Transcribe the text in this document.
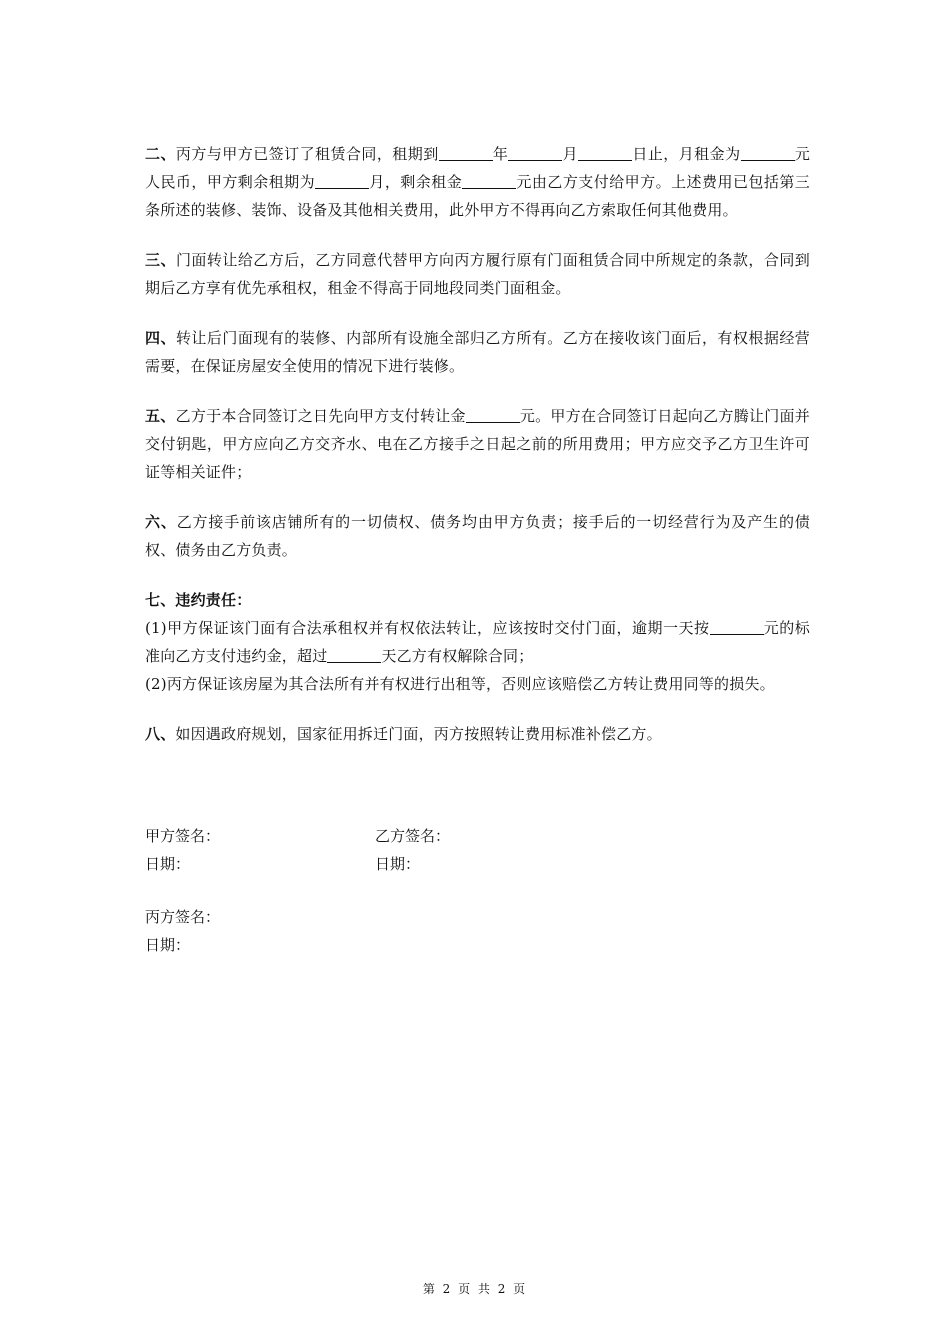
二、丙方与甲方已签订了租赁合同，租期到	年	月	日止，月租金为	元人民币，甲方剩余租期为	月，剩余租金	元由乙方支付给甲方。上述费用已包括第三条所述的装修、装饰、设备及其他相关费用，此外甲方不得再向乙方索取任何其他费用。

三、门面转让给乙方后，乙方同意代替甲方向丙方履行原有门面租赁合同中所规定的条款，合同到期后乙方享有优先承租权，租金不得高于同地段同类门面租金。

四、转让后门面现有的装修、内部所有设施全部归乙方所有。乙方在接收该门面后，有权根据经营需要，在保证房屋安全使用的情况下进行装修。

五、乙方于本合同签订之日先向甲方支付转让金	元。甲方在合同签订日起向乙方腾让门面并交付钥匙，甲方应向乙方交齐水、电在乙方接手之日起之前的所用费用；甲方应交予乙方卫生许可证等相关证件；

六、乙方接手前该店铺所有的一切债权、债务均由甲方负责；接手后的一切经营行为及产生的债权、债务由乙方负责。

七、违约责任：
(1)甲方保证该门面有合法承租权并有权依法转让，应该按时交付门面，逾期一天按	元的标准向乙方支付违约金，超过	天乙方有权解除合同；
(2)丙方保证该房屋为其合法所有并有权进行出租等，否则应该赔偿乙方转让费用同等的损失。

八、如因遇政府规划，国家征用拆迁门面，丙方按照转让费用标准补偿乙方。

甲方签名：	乙方签名：
日期：	日期：
丙方签名：
日期：
第 2 页 共 2 页
